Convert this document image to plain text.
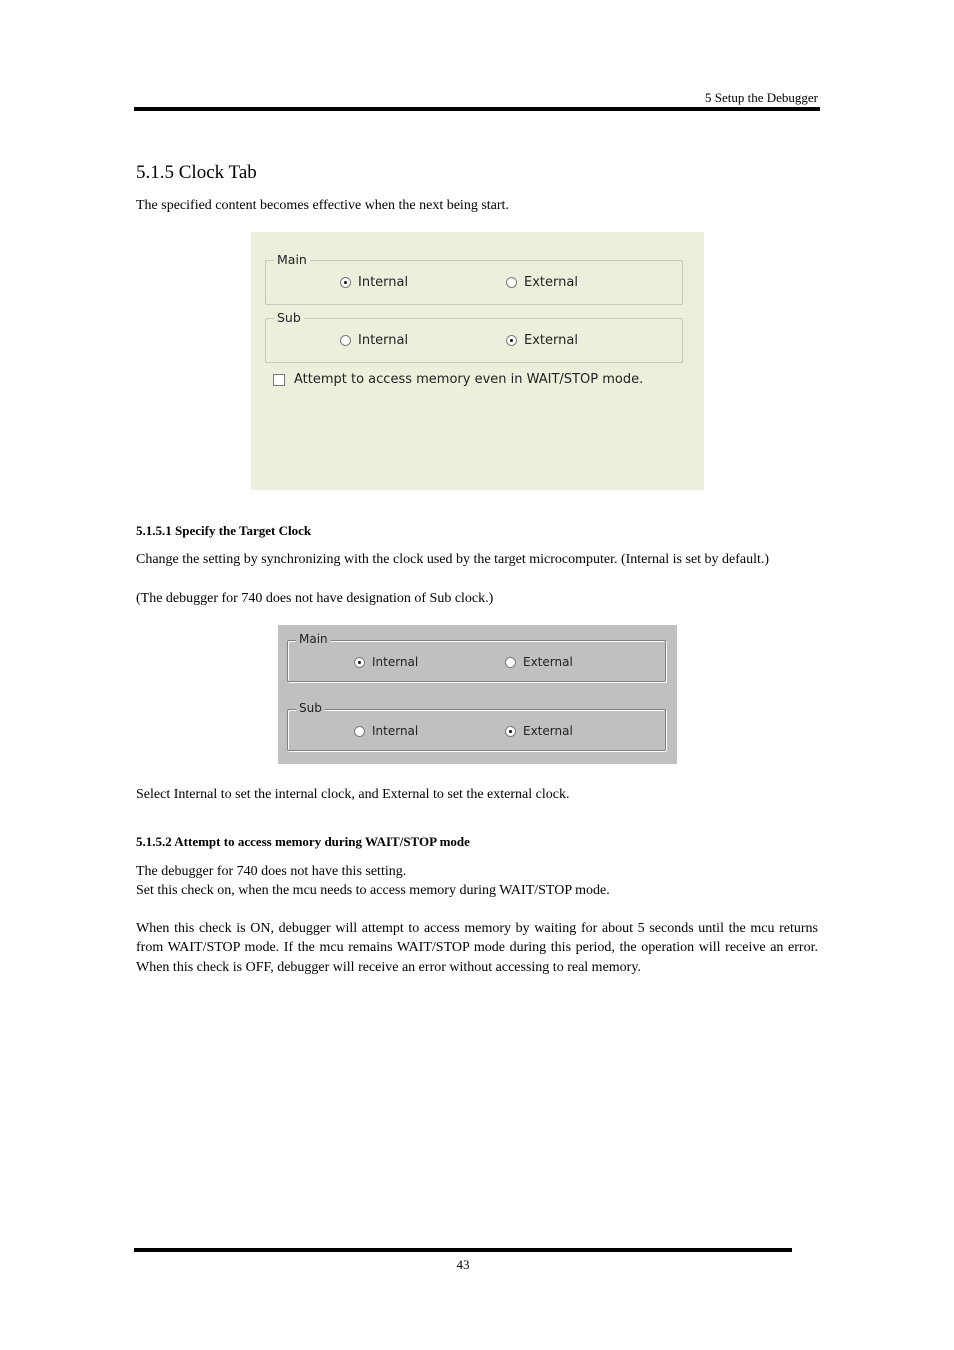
5 Setup the Debugger
5.1.5 Clock Tab
The specified content becomes effective when the next being start.
Main
Internal	External
Sub
Internal	External
Attempt to access memory even in WAIT/STOP mode.
5.1.5.1 Specify the Target Clock
Change the setting by synchronizing with the clock used by the target microcomputer. (Internal is set by default.)
(The debugger for 740 does not have designation of Sub clock.)
Main
Internal	External
Sub
Internal	External
Select Internal to set the internal clock, and External to set the external clock.
5.1.5.2 Attempt to access memory during WAIT/STOP mode
The debugger for 740 does not have this setting.
Set this check on, when the mcu needs to access memory during WAIT/STOP mode.
When this check is ON, debugger will attempt to access memory by waiting for about 5 seconds until the mcu returns from WAIT/STOP mode. If the mcu remains WAIT/STOP mode during this period, the operation will receive an error. When this check is OFF, debugger will receive an error without accessing to real memory.
43
